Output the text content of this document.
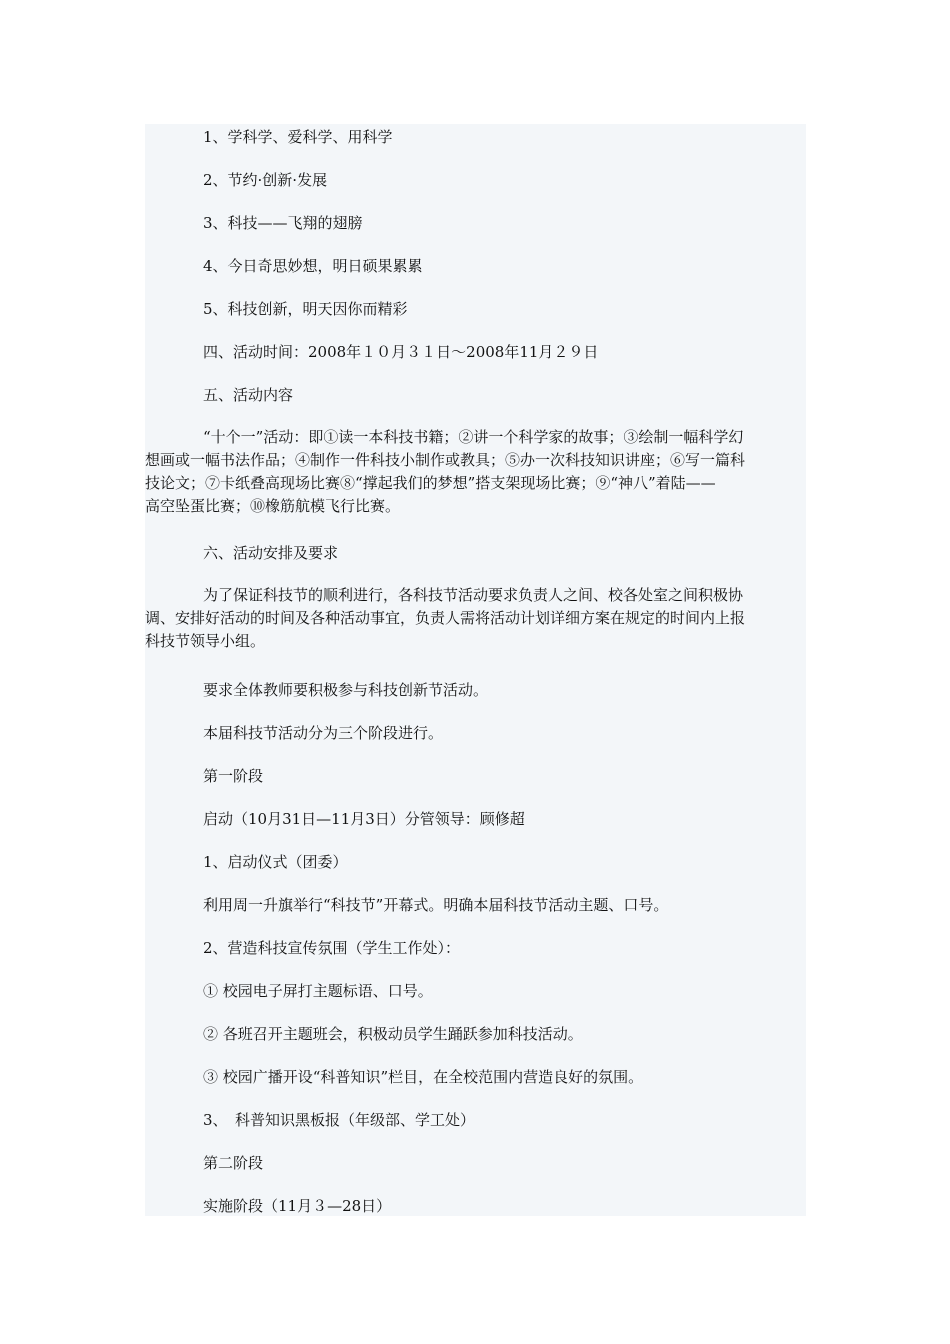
1、学科学、爱科学、用科学

2、节约·创新·发展

3、科技——飞翔的翅膀

4、今日奇思妙想，明日硕果累累

5、科技创新，明天因你而精彩

四、活动时间：2008年１０月３１日～2008年11月２９日

五、活动内容

“十个一”活动：即①读一本科技书籍；②讲一个科学家的故事；③绘制一幅科学幻
想画或一幅书法作品；④制作一件科技小制作或教具；⑤办一次科技知识讲座；⑥写一篇科
技论文；⑦卡纸叠高现场比赛⑧“撑起我们的梦想”搭支架现场比赛；⑨“神八”着陆——
高空坠蛋比赛；⑩橡筋航模飞行比赛。

六、活动安排及要求

为了保证科技节的顺利进行，各科技节活动要求负责人之间、校各处室之间积极协
调、安排好活动的时间及各种活动事宜，负责人需将活动计划详细方案在规定的时间内上报
科技节领导小组。

要求全体教师要积极参与科技创新节活动。

本届科技节活动分为三个阶段进行。

第一阶段

启动（10月31日—11月3日）分管领导：顾修超

1、启动仪式（团委）

利用周一升旗举行“科技节”开幕式。明确本届科技节活动主题、口号。

2、营造科技宣传氛围（学生工作处）：

① 校园电子屏打主题标语、口号。

② 各班召开主题班会，积极动员学生踊跃参加科技活动。

③ 校园广播开设“科普知识”栏目，在全校范围内营造良好的氛围。

3、　科普知识黑板报（年级部、学工处）

第二阶段

实施阶段（11月３—28日）
